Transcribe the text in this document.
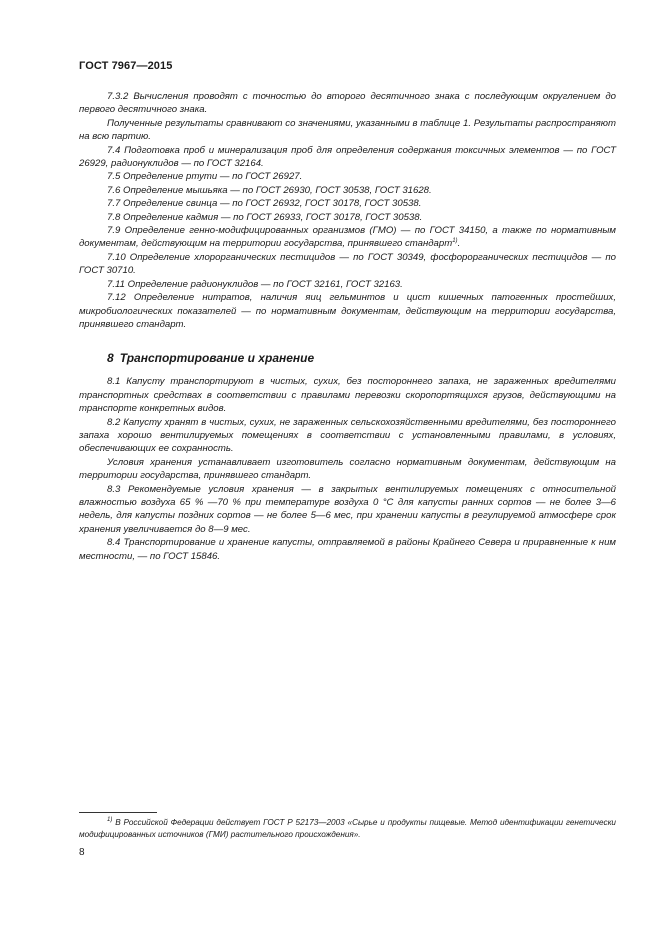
ГОСТ 7967—2015

7.3.2 Вычисления проводят с точностью до второго десятичного знака с последующим округлением до первого десятичного знака.

Полученные результаты сравнивают со значениями, указанными в таблице 1. Результаты распространяют на всю партию.

7.4 Подготовка проб и минерализация проб для определения содержания токсичных элементов — по ГОСТ 26929, радионуклидов — по ГОСТ 32164.

7.5 Определение ртути — по ГОСТ 26927.

7.6 Определение мышьяка — по ГОСТ 26930, ГОСТ 30538, ГОСТ 31628.

7.7 Определение свинца — по ГОСТ 26932, ГОСТ 30178, ГОСТ 30538.

7.8 Определение кадмия — по ГОСТ 26933, ГОСТ 30178, ГОСТ 30538.

7.9 Определение генно-модифицированных организмов (ГМО) — по ГОСТ 34150, а также по нормативным документам, действующим на территории государства, принявшего стандарт$^{1)}$.

7.10 Определение хлорорганических пестицидов — по ГОСТ 30349, фосфорорганических пестицидов — по ГОСТ 30710.

7.11 Определение радионуклидов — по ГОСТ 32161, ГОСТ 32163.

7.12 Определение нитратов, наличия яиц гельминтов и цист кишечных патогенных простейших, микробиологических показателей — по нормативным документам, действующим на территории государства, принявшего стандарт.

8 Транспортирование и хранение

8.1 Капусту транспортируют в чистых, сухих, без постороннего запаха, не зараженных вредителями транспортных средствах в соответствии с правилами перевозки скоропортящихся грузов, действующими на транспорте конкретных видов.

8.2 Капусту хранят в чистых, сухих, не зараженных сельскохозяйственными вредителями, без постороннего запаха хорошо вентилируемых помещениях в соответствии с установленными правилами, в условиях, обеспечивающих ее сохранность.

Условия хранения устанавливает изготовитель согласно нормативным документам, действующим на территории государства, принявшего стандарт.

8.3 Рекомендуемые условия хранения — в закрытых вентилируемых помещениях с относительной влажностью воздуха 65 % —70 % при температуре воздуха 0 °С для капусты ранних сортов — не более 3—6 недель, для капусты поздних сортов — не более 5—6 мес, при хранении капусты в регулируемой атмосфере срок хранения увеличивается до 8—9 мес.

8.4 Транспортирование и хранение капусты, отправляемой в районы Крайнего Севера и приравненные к ним местности, — по ГОСТ 15846.

$^{1)}$ В Российской Федерации действует ГОСТ Р 52173—2003 «Сырье и продукты пищевые. Метод идентификации генетически модифицированных источников (ГМИ) растительного происхождения».
8
